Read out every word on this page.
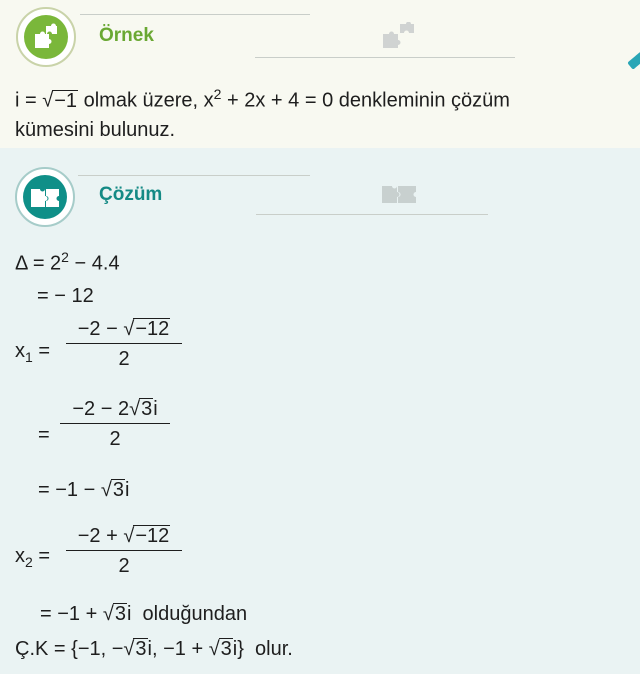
Örnek
i = √−1 olmak üzere, $x^2 + 2x + 4 = 0$ denkleminin çözüm
kümesini bulunuz.
Çözüm
$\Delta = 2^2 - 4.4$
= − 12
$x_1$ =
−2 − √−12
2
=
−2 − 2√3i
2
= −1 − √3i
$x_2$ =
−2 + √−12
2
= −1 + √3i  olduğundan
Ç.K = {−1, −√3i, −1 + √3i}  olur.
